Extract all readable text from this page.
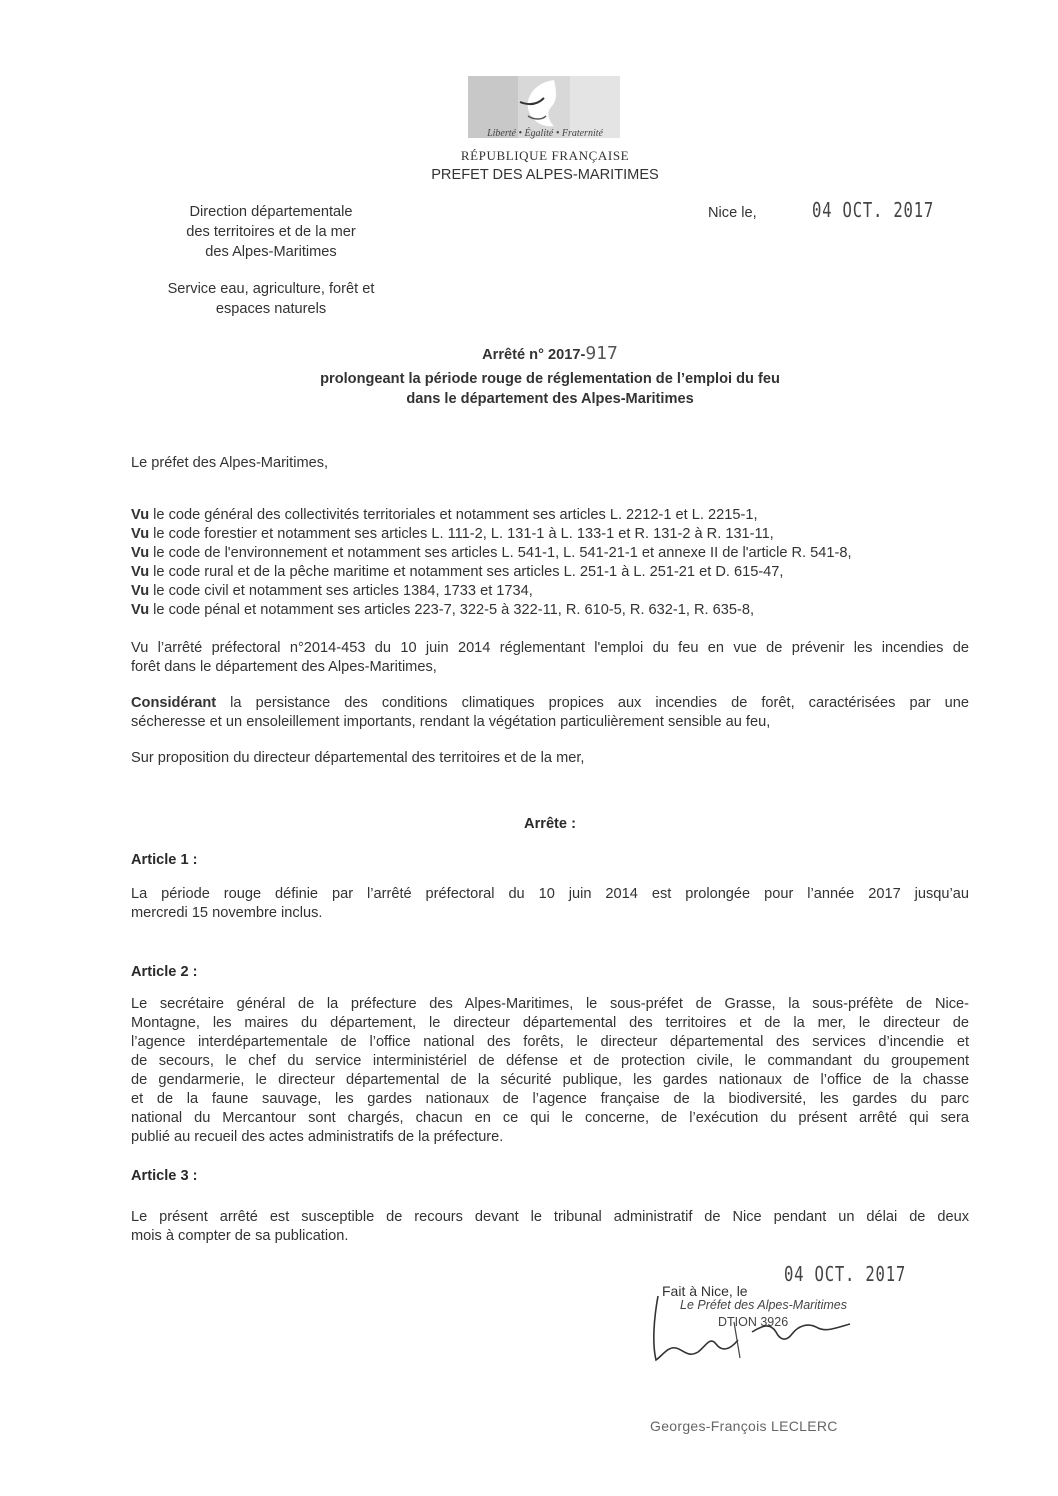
Liberté • Égalité • Fraternité
RÉPUBLIQUE FRANÇAISE
PREFET DES ALPES-MARITIMES
Direction départementale
des territoires et de la mer
des Alpes-Maritimes
Service eau, agriculture, forêt et
espaces naturels
Nice le,	04 OCT. 2017
Arrêté n° 2017-917
prolongeant la période rouge de réglementation de l’emploi du feu
dans le département des Alpes-Maritimes
Le préfet des Alpes-Maritimes,
Vu le code général des collectivités territoriales et notamment ses articles L. 2212-1 et L. 2215-1,
Vu le code forestier et notamment ses articles L. 111-2, L. 131-1 à L. 133-1 et R. 131-2 à R. 131-11,
Vu le code de l'environnement et notamment ses articles L. 541-1, L. 541-21-1 et annexe II de l'article R. 541-8,
Vu le code rural et de la pêche maritime et notamment ses articles L. 251-1 à L. 251-21 et D. 615-47,
Vu le code civil et notamment ses articles 1384, 1733 et 1734,
Vu le code pénal et notamment ses articles 223-7, 322-5 à 322-11, R. 610-5, R. 632-1, R. 635-8,
Vu l’arrêté préfectoral n°2014-453 du 10 juin 2014 réglementant l'emploi du feu en vue de prévenir les incendies de
forêt dans le département des Alpes-Maritimes,
Considérant la persistance des conditions climatiques propices aux incendies de forêt, caractérisées par une
sécheresse et un ensoleillement importants, rendant la végétation particulièrement sensible au feu,
Sur proposition du directeur départemental des territoires et de la mer,
Arrête :
Article 1 :
La période rouge définie par l’arrêté préfectoral du 10 juin 2014 est prolongée pour l’année 2017 jusqu’au
mercredi 15 novembre inclus.
Article 2 :
Le secrétaire général de la préfecture des Alpes-Maritimes, le sous-préfet de Grasse, la sous-préfète de Nice-
Montagne, les maires du département, le directeur départemental des territoires et de la mer, le directeur de
l’agence interdépartementale de l’office national des forêts, le directeur départemental des services d’incendie et
de secours, le chef du service interministériel de défense et de protection civile, le commandant du groupement
de gendarmerie, le directeur départemental de la sécurité publique, les gardes nationaux de l’office de la chasse
et de la faune sauvage, les gardes nationaux de l’agence française de la biodiversité, les gardes du parc
national du Mercantour sont chargés, chacun en ce qui le concerne, de l’exécution du présent arrêté qui sera
publié au recueil des actes administratifs de la préfecture.
Article 3 :
Le présent arrêté est susceptible de recours devant le tribunal administratif de Nice pendant un délai de deux
mois à compter de sa publication.
04 OCT. 2017
Fait à Nice, le
Le Préfet des Alpes-Maritimes
DTION 3926
Georges-François LECLERC
